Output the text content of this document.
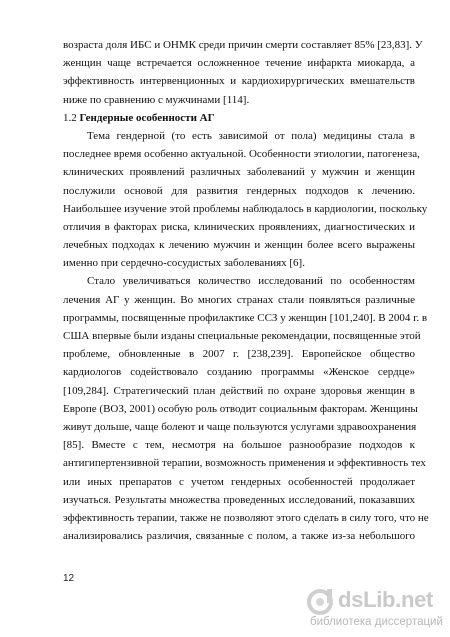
возраста доля ИБС и ОНМК среди причин смерти составляет 85% [23,83]. У
женщин чаще встречается осложненное течение инфаркта миокарда, а
эффективность интервенционных и кардиохирургических вмешательств
ниже по сравнению с мужчинами [114].
1.2 Гендерные особенности АГ
Тема гендерной (то есть зависимой от пола) медицины стала в
последнее время особенно актуальной. Особенности этиологии, патогенеза,
клинических проявлений различных заболеваний у мужчин и женщин
послужили основой для развития гендерных подходов к лечению.
Наибольшее изучение этой проблемы наблюдалось в кардиологии, поскольку
отличия в факторах риска, клинических проявлениях, диагностических и
лечебных подходах к лечению мужчин и женщин более всего выражены
именно при сердечно-сосудистых заболеваниях [6].
Стало увеличиваться количество исследований по особенностям
лечения АГ у женщин. Во многих странах стали появляться различные
программы, посвященные профилактике ССЗ у женщин [101,240]. В 2004 г. в
США впервые были изданы специальные рекомендации, посвященные этой
проблеме, обновленные в 2007 г. [238,239]. Европейское общество
кардиологов содействовало созданию программы «Женское сердце»
[109,284]. Стратегический план действий по охране здоровья женщин в
Европе (ВОЗ, 2001) особую роль отводит социальным факторам. Женщины
живут дольше, чаще болеют и чаще пользуются услугами здравоохранения
[85]. Вместе с тем, несмотря на большое разнообразие подходов к
антигипертензивной терапии, возможность применения и эффективность тех
или иных препаратов с учетом гендерных особенностей продолжает
изучаться. Результаты множества проведенных исследований, показавших
эффективность терапии, также не позволяют этого сделать в силу того, что не
анализировались различия, связанные с полом, а также из-за небольшого
12
dsLib.net
библиотека диссертаций
